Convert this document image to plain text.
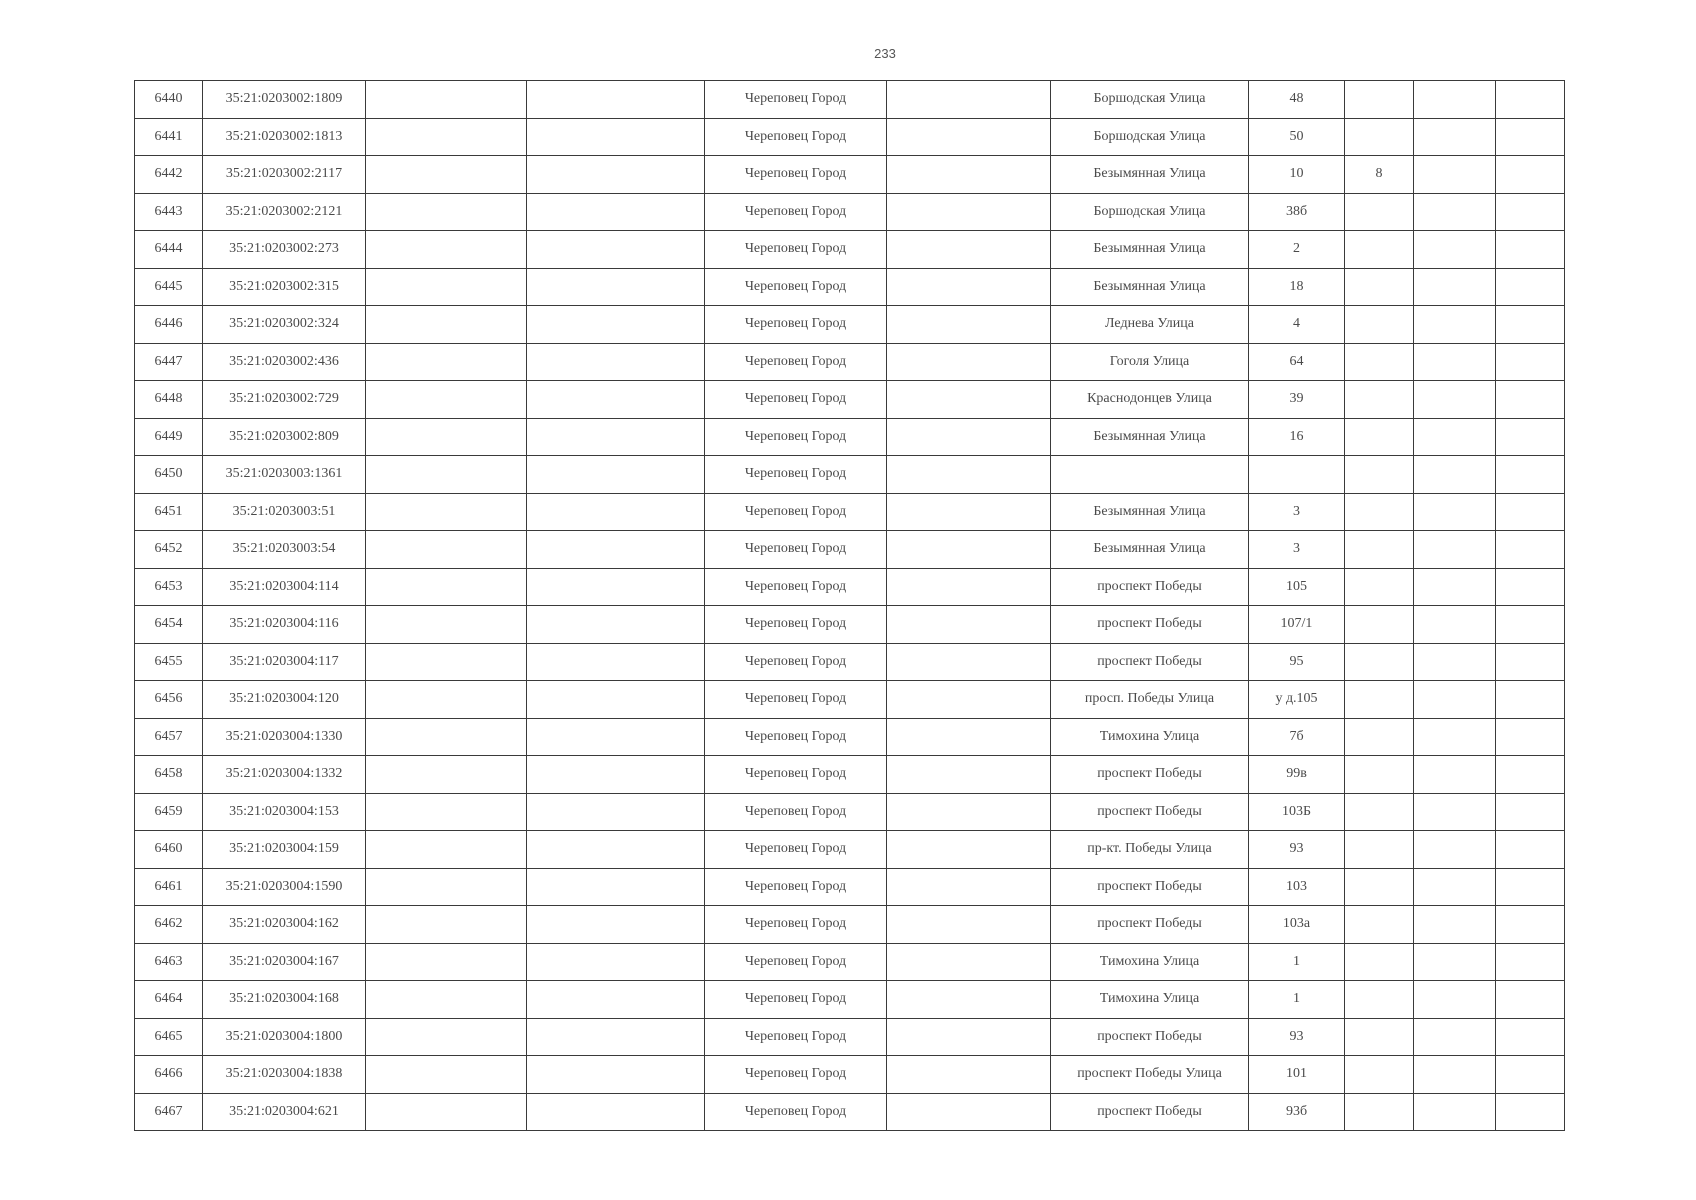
233
6440	35:21:0203002:1809			Череповец Город		Боршодская Улица	48			
6441	35:21:0203002:1813			Череповец Город		Боршодская Улица	50			
6442	35:21:0203002:2117			Череповец Город		Безымянная Улица	10	8		
6443	35:21:0203002:2121			Череповец Город		Боршодская Улица	38б			
6444	35:21:0203002:273			Череповец Город		Безымянная Улица	2			
6445	35:21:0203002:315			Череповец Город		Безымянная Улица	18			
6446	35:21:0203002:324			Череповец Город		Леднева Улица	4			
6447	35:21:0203002:436			Череповец Город		Гоголя Улица	64			
6448	35:21:0203002:729			Череповец Город		Краснодонцев Улица	39			
6449	35:21:0203002:809			Череповец Город		Безымянная Улица	16			
6450	35:21:0203003:1361			Череповец Город						
6451	35:21:0203003:51			Череповец Город		Безымянная Улица	3			
6452	35:21:0203003:54			Череповец Город		Безымянная Улица	3			
6453	35:21:0203004:114			Череповец Город		проспект Победы	105			
6454	35:21:0203004:116			Череповец Город		проспект Победы	107/1			
6455	35:21:0203004:117			Череповец Город		проспект Победы	95			
6456	35:21:0203004:120			Череповец Город		просп. Победы Улица	у д.105			
6457	35:21:0203004:1330			Череповец Город		Тимохина Улица	7б			
6458	35:21:0203004:1332			Череповец Город		проспект Победы	99в			
6459	35:21:0203004:153			Череповец Город		проспект Победы	103Б			
6460	35:21:0203004:159			Череповец Город		пр-кт. Победы Улица	93			
6461	35:21:0203004:1590			Череповец Город		проспект Победы	103			
6462	35:21:0203004:162			Череповец Город		проспект Победы	103а			
6463	35:21:0203004:167			Череповец Город		Тимохина Улица	1			
6464	35:21:0203004:168			Череповец Город		Тимохина Улица	1			
6465	35:21:0203004:1800			Череповец Город		проспект Победы	93			
6466	35:21:0203004:1838			Череповец Город		проспект Победы Улица	101			
6467	35:21:0203004:621			Череповец Город		проспект Победы	93б			
